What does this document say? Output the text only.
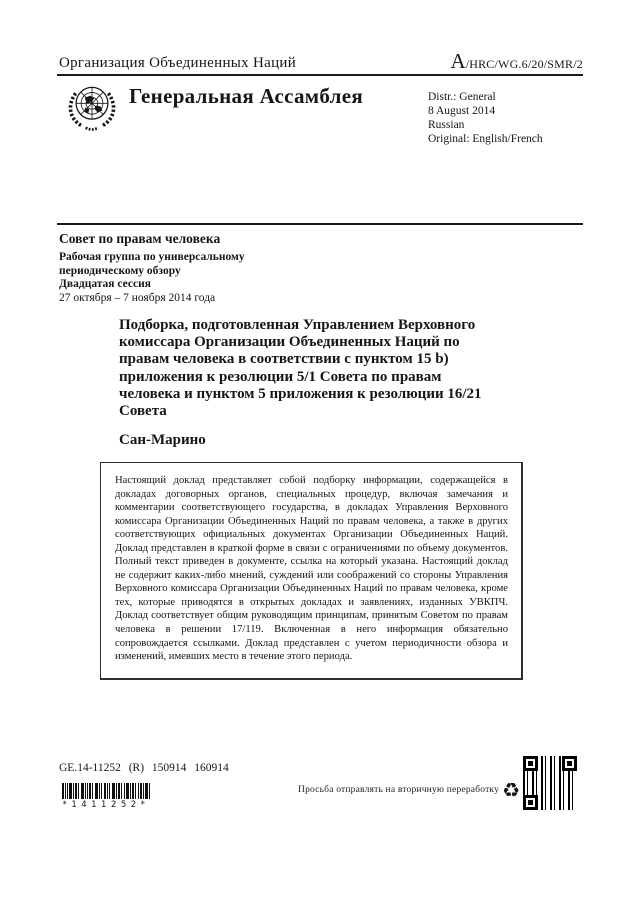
Организация Объединенных Наций	A /HRC/WG.6/20/SMR/2
Генеральная Ассамблея	Distr.: General
8 August 2014
Russian
Original: English/French
Совет по правам человека
Рабочая группа по универсальному
периодическому обзору
Двадцатая сессия
27 октября – 7 ноября 2014 года
Подборка, подготовленная Управлением Верховного
комиссара Организации Объединенных Наций по
правам человека в соответствии с пунктом 15 b)
приложения к резолюции 5/1 Совета по правам
человека и пунктом 5 приложения к резолюции 16/21
Совета
Сан-Марино

Настоящий доклад представляет собой подборку информации, содержащейся в докладах договорных органов, специальных процедур, включая замечания и комментарии соответствующего государства, в докладах Управления Верховного комиссара Организации Объединенных Наций по правам человека, а также в других соответствующих официальных документах Организации Объединенных Наций. Доклад представлен в краткой форме в связи с ограничениями по объему документов. Полный текст приведен в документе, ссылка на который указана. Настоящий доклад не содержит каких-либо мнений, суждений или соображений со стороны Управления Верховного комиссара Организации Объединенных Наций по правам человека, кроме тех, которые приводятся в открытых докладах и заявлениях, изданных УВКПЧ. Доклад соответствует общим руководящим принципам, принятым Советом по правам человека в решении 17/119. Включенная в него информация обязательно сопровождается ссылками. Доклад представлен с учетом периодичности обзора и изменений, имевших место в течение этого периода.

GE.14-11252 (R) 150914 160914
*1411252*
Просьба отправлять на вторичную переработку ♻
